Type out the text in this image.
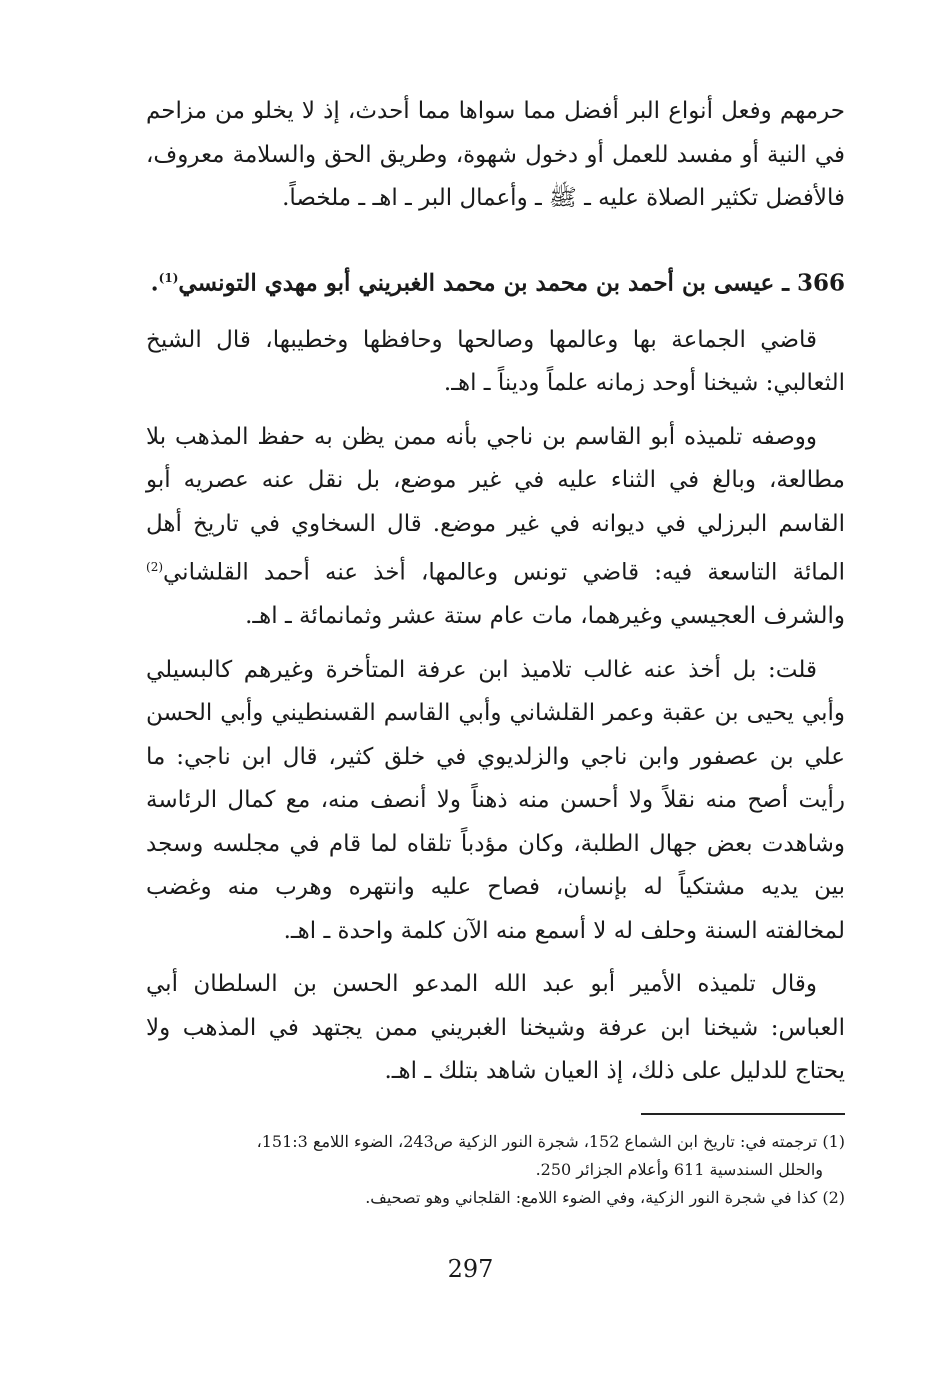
حرمهم وفعل أنواع البر أفضل مما سواها مما أحدث، إذ لا يخلو من مزاحم في النية أو مفسد للعمل أو دخول شهوة، وطريق الحق والسلامة معروف، فالأفضل تكثير الصلاة عليه ـ ﷺ ـ وأعمال البر ـ اهـ ـ ملخصاً.

366 ـ عيسى بن أحمد بن محمد بن محمد الغبريني أبو مهدي التونسي$^{(1)}$.

قاضي الجماعة بها وعالمها وصالحها وحافظها وخطيبها، قال الشيخ الثعالبي: شيخنا أوحد زمانه علماً وديناً ـ اهـ.

ووصفه تلميذه أبو القاسم بن ناجي بأنه ممن يظن به حفظ المذهب بلا مطالعة، وبالغ في الثناء عليه في غير موضع، بل نقل عنه عصريه أبو القاسم البرزلي في ديوانه في غير موضع. قال السخاوي في تاريخ أهل المائة التاسعة فيه: قاضي تونس وعالمها، أخذ عنه أحمد القلشاني$^{(2)}$ والشرف العجيسي وغيرهما، مات عام ستة عشر وثمانمائة ـ اهـ.

قلت: بل أخذ عنه غالب تلاميذ ابن عرفة المتأخرة وغيرهم كالبسيلي وأبي يحيى بن عقبة وعمر القلشاني وأبي القاسم القسنطيني وأبي الحسن علي بن عصفور وابن ناجي والزلديوي في خلق كثير، قال ابن ناجي: ما رأيت أصح منه نقلاً ولا أحسن منه ذهناً ولا أنصف منه، مع كمال الرئاسة وشاهدت بعض جهال الطلبة، وكان مؤدباً تلقاه لما قام في مجلسه وسجد بين يديه مشتكياً له بإنسان، فصاح عليه وانتهره وهرب منه وغضب لمخالفته السنة وحلف له لا أسمع منه الآن كلمة واحدة ـ اهـ.

وقال تلميذه الأمير أبو عبد الله المدعو الحسن بن السلطان أبي العباس: شيخنا ابن عرفة وشيخنا الغبريني ممن يجتهد في المذهب ولا يحتاج للدليل على ذلك، إذ العيان شاهد بتلك ـ اهـ.

(1) ترجمته في: تاريخ ابن الشماع 152، شجرة النور الزكية ص243، الضوء اللامع 151:3،
والحلل السندسية 611 وأعلام الجزائر 250.
(2) كذا في شجرة النور الزكية، وفي الضوء اللامع: القلجاني وهو تصحيف.
297
